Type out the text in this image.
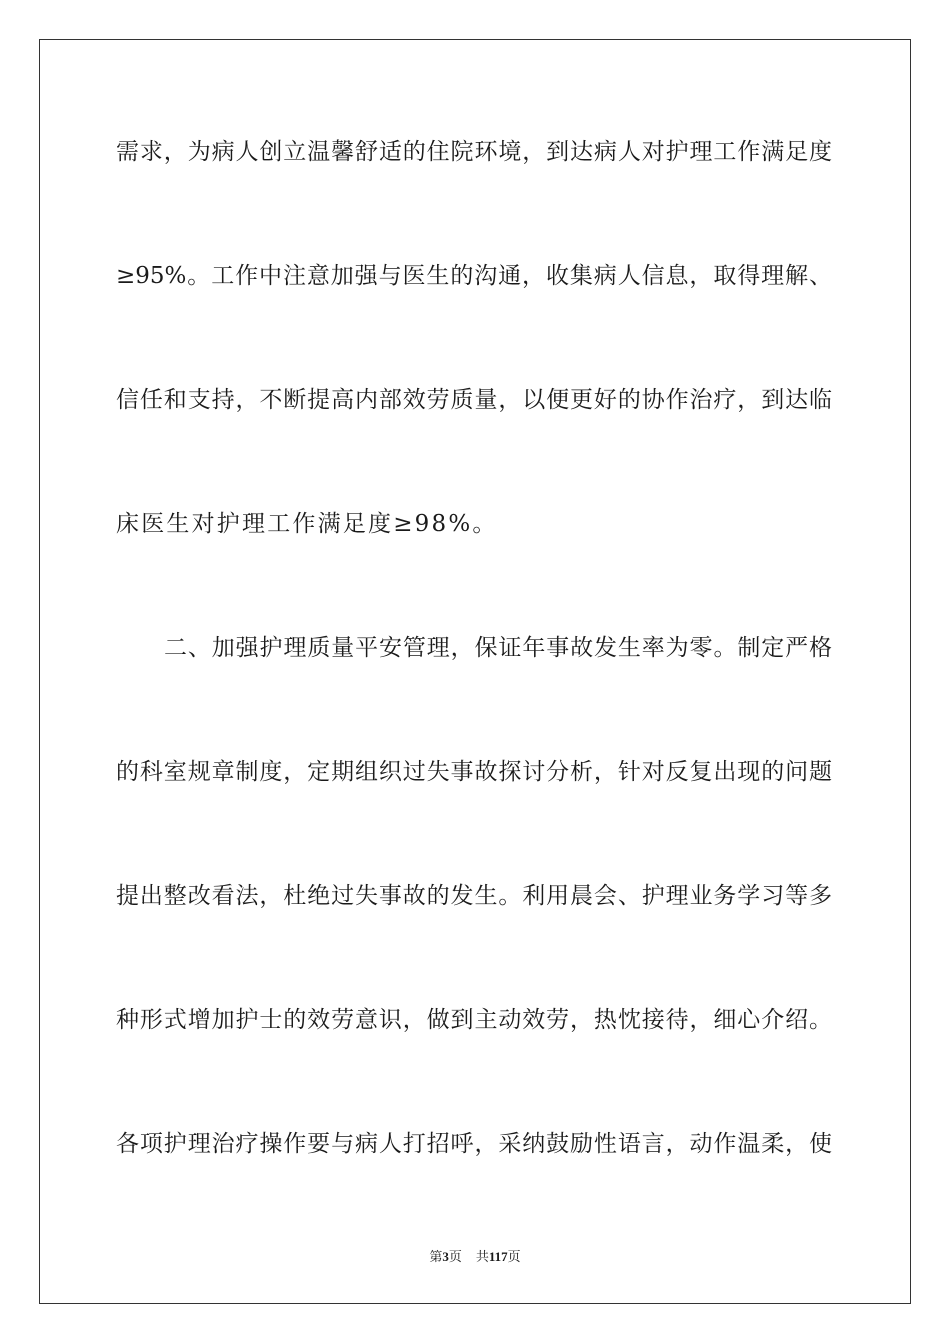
需求，为病人创立温馨舒适的住院环境，到达病人对护理工作满足度
≥95%。工作中注意加强与医生的沟通，收集病人信息，取得理解、
信任和支持，不断提高内部效劳质量，以便更好的协作治疗，到达临
床医生对护理工作满足度≥98%。
二、加强护理质量平安管理，保证年事故发生率为零。制定严格
的科室规章制度，定期组织过失事故探讨分析，针对反复出现的问题
提出整改看法，杜绝过失事故的发生。利用晨会、护理业务学习等多
种形式增加护士的效劳意识，做到主动效劳，热忱接待，细心介绍。
各项护理治疗操作要与病人打招呼，采纳鼓励性语言，动作温柔，使
第3页 共117页
